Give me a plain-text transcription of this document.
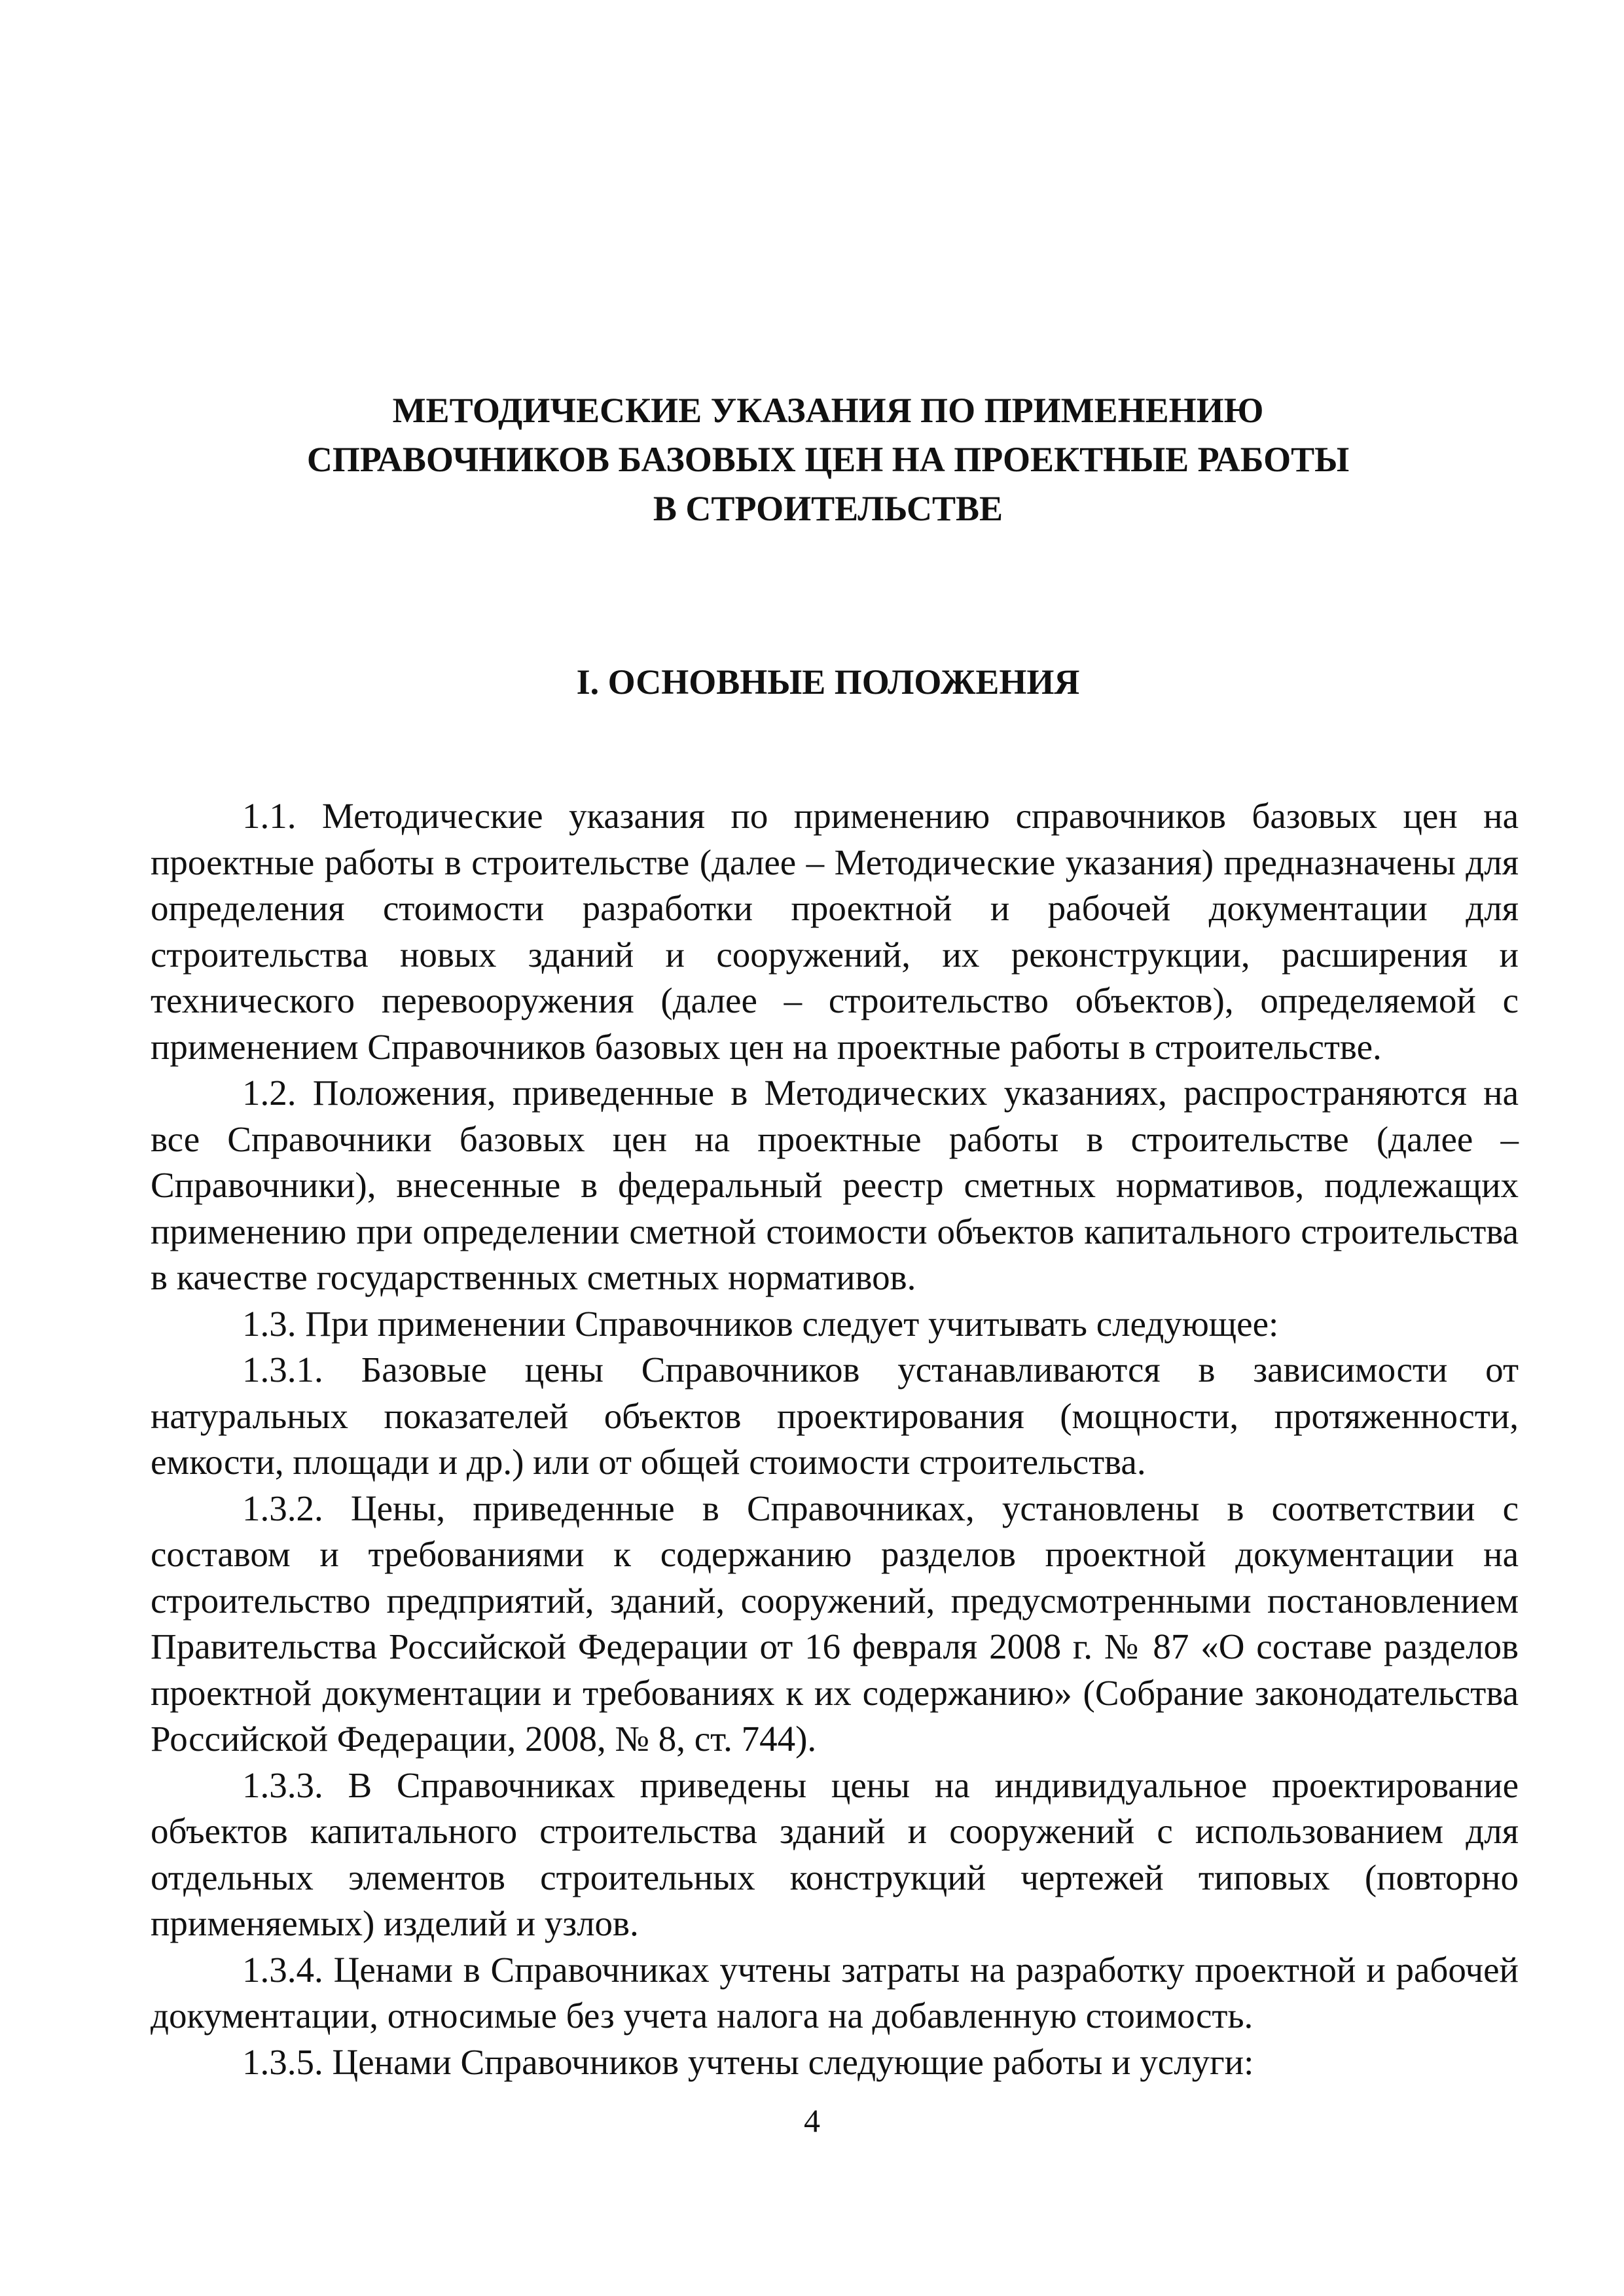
МЕТОДИЧЕСКИЕ УКАЗАНИЯ ПО ПРИМЕНЕНИЮ
СПРАВОЧНИКОВ БАЗОВЫХ ЦЕН НА ПРОЕКТНЫЕ РАБОТЫ
В СТРОИТЕЛЬСТВЕ
I. ОСНОВНЫЕ ПОЛОЖЕНИЯ

1.1. Методические указания по применению справочников базовых цен на проектные работы в строительстве (далее – Методические указания) предназначены для определения стоимости разработки проектной и рабочей документации для строительства новых зданий и сооружений, их реконструкции, расширения и технического перевооружения (далее – строительство объектов), определяемой с применением Справочников базовых цен на проектные работы в строительстве.

1.2. Положения, приведенные в Методических указаниях, распространяются на все Справочники базовых цен на проектные работы в строительстве (далее – Справочники), внесенные в федеральный реестр сметных нормативов, подлежащих применению при определении сметной стоимости объектов капитального строительства в качестве государственных сметных нормативов.

1.3. При применении Справочников следует учитывать следующее:

1.3.1. Базовые цены Справочников устанавливаются в зависимости от натуральных показателей объектов проектирования (мощности, протяженности, емкости, площади и др.) или от общей стоимости строительства.

1.3.2. Цены, приведенные в Справочниках, установлены в соответствии с составом и требованиями к содержанию разделов проектной документации на строительство предприятий, зданий, сооружений, предусмотренными постановлением Правительства Российской Федерации от 16 февраля 2008 г. № 87 «О составе разделов проектной документации и требованиях к их содержанию» (Собрание законодательства Российской Федерации, 2008, № 8, ст. 744).

1.3.3. В Справочниках приведены цены на индивидуальное проектирование объектов капитального строительства зданий и сооружений с использованием для отдельных элементов строительных конструкций чертежей типовых (повторно применяемых) изделий и узлов.

1.3.4. Ценами в Справочниках учтены затраты на разработку проектной и рабочей документации, относимые без учета налога на добавленную стоимость.

1.3.5. Ценами Справочников учтены следующие работы и услуги:

4
